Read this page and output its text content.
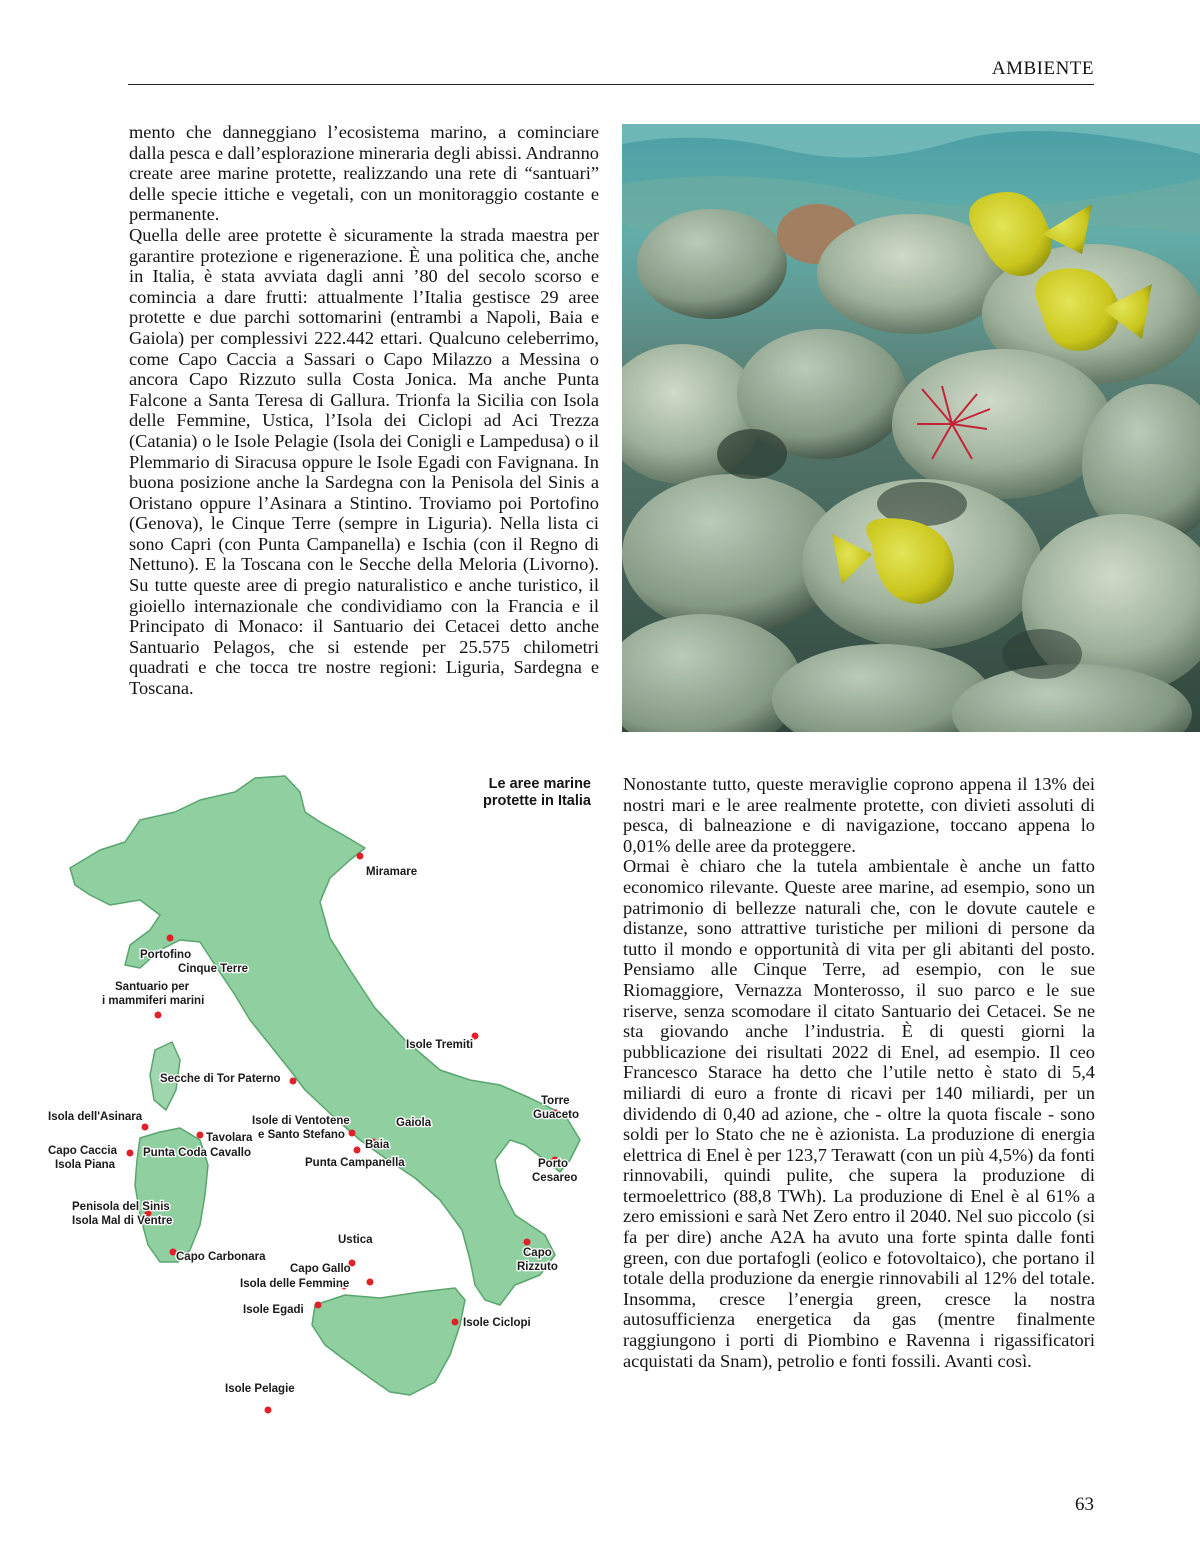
AMBIENTE

mento che danneggiano l’ecosistema marino, a cominciare dalla pesca e dall’esplorazione mineraria degli abissi. Andranno create aree marine protette, realizzando una rete di “santuari” delle specie ittiche e vegetali, con un monitoraggio costante e permanente.

Quella delle aree protette è sicuramente la strada maestra per garantire protezione e rigenerazione. È una politica che, anche in Italia, è stata avviata dagli anni ’80 del secolo scorso e comincia a dare frutti: attualmente l’Italia gestisce 29 aree protette e due parchi sottomarini (entrambi a Napoli, Baia e Gaiola) per complessivi 222.442 ettari. Qualcuno celeberrimo, come Capo Caccia a Sassari o Capo Milazzo a Messina o ancora Capo Rizzuto sulla Costa Jonica. Ma anche Punta Falcone a Santa Teresa di Gallura. Trionfa la Sicilia con Isola delle Femmine, Ustica, l’Isola dei Ciclopi ad Aci Trezza (Catania) o le Isole Pelagie (Isola dei Conigli e Lampedusa) o il Plemmario di Siracusa oppure le Isole Egadi con Favignana. In buona posizione anche la Sardegna con la Penisola del Sinis a Oristano oppure l’Asinara a Stintino. Troviamo poi Portofino (Genova), le Cinque Terre (sempre in Liguria). Nella lista ci sono Capri (con Punta Campanella) e Ischia (con il Regno di Nettuno). E la Toscana con le Secche della Meloria (Livorno). Su tutte queste aree di pregio naturalistico e anche turistico, il gioiello internazionale che condividiamo con la Francia e il Principato di Monaco: il Santuario dei Cetacei detto anche Santuario Pelagos, che si estende per 25.575 chilometri quadrati e che tocca tre nostre regioni: Liguria, Sardegna e Toscana.

Le aree marine
protette in Italia
Miramare
Portofino
Cinque Terre
Santuario per
i mammiferi marini
Isole Tremiti
Secche di Tor Paterno
Torre
Guaceto
Isola dell'Asinara	Isole di Ventotene
e Santo Stefano
Gaiola
Tavolara
Capo Caccia
Isola Piana
Punta Coda Cavallo
Baia
Punta Campanella	Porto
Cesareo
Penisola del Sinis
Isola Mal di Ventre
Ustica
Capo Carbonara
Capo Gallo
Capo
Rizzuto
Isola delle Femmine
Isole Egadi
Isole Ciclopi
Isole Pelagie

Nonostante tutto, queste meraviglie coprono appena il 13% dei nostri mari e le aree realmente protette, con divieti assoluti di pesca, di balneazione e di navigazione, toccano appena lo 0,01% delle aree da proteggere.

Ormai è chiaro che la tutela ambientale è anche un fatto economico rilevante. Queste aree marine, ad esempio, sono un patrimonio di bellezze naturali che, con le dovute cautele e distanze, sono attrattive turistiche per milioni di persone da tutto il mondo e opportunità di vita per gli abitanti del posto. Pensiamo alle Cinque Terre, ad esempio, con le sue Riomaggiore, Vernazza Monterosso, il suo parco e le sue riserve, senza scomodare il citato Santuario dei Cetacei. Se ne sta giovando anche l’industria. È di questi giorni la pubblicazione dei risultati 2022 di Enel, ad esempio. Il ceo Francesco Starace ha detto che l’utile netto è stato di 5,4 miliardi di euro a fronte di ricavi per 140 miliardi, per un dividendo di 0,40 ad azione, che - oltre la quota fiscale - sono soldi per lo Stato che ne è azionista. La produzione di energia elettrica di Enel è per 123,7 Terawatt (con un più 4,5%) da fonti rinnovabili, quindi pulite, che supera la produzione di termoelettrico (88,8 TWh). La produzione di Enel è al 61% a zero emissioni e sarà Net Zero entro il 2040. Nel suo piccolo (si fa per dire) anche A2A ha avuto una forte spinta dalle fonti green, con due portafogli (eolico e fotovoltaico), che portano il totale della produzione da energie rinnovabili al 12% del totale. Insomma, cresce l’energia green, cresce la nostra autosufficienza energetica da gas (mentre finalmente raggiungono i porti di Piombino e Ravenna i rigassificatori acquistati da Snam), petrolio e fonti fossili. Avanti così.

63
